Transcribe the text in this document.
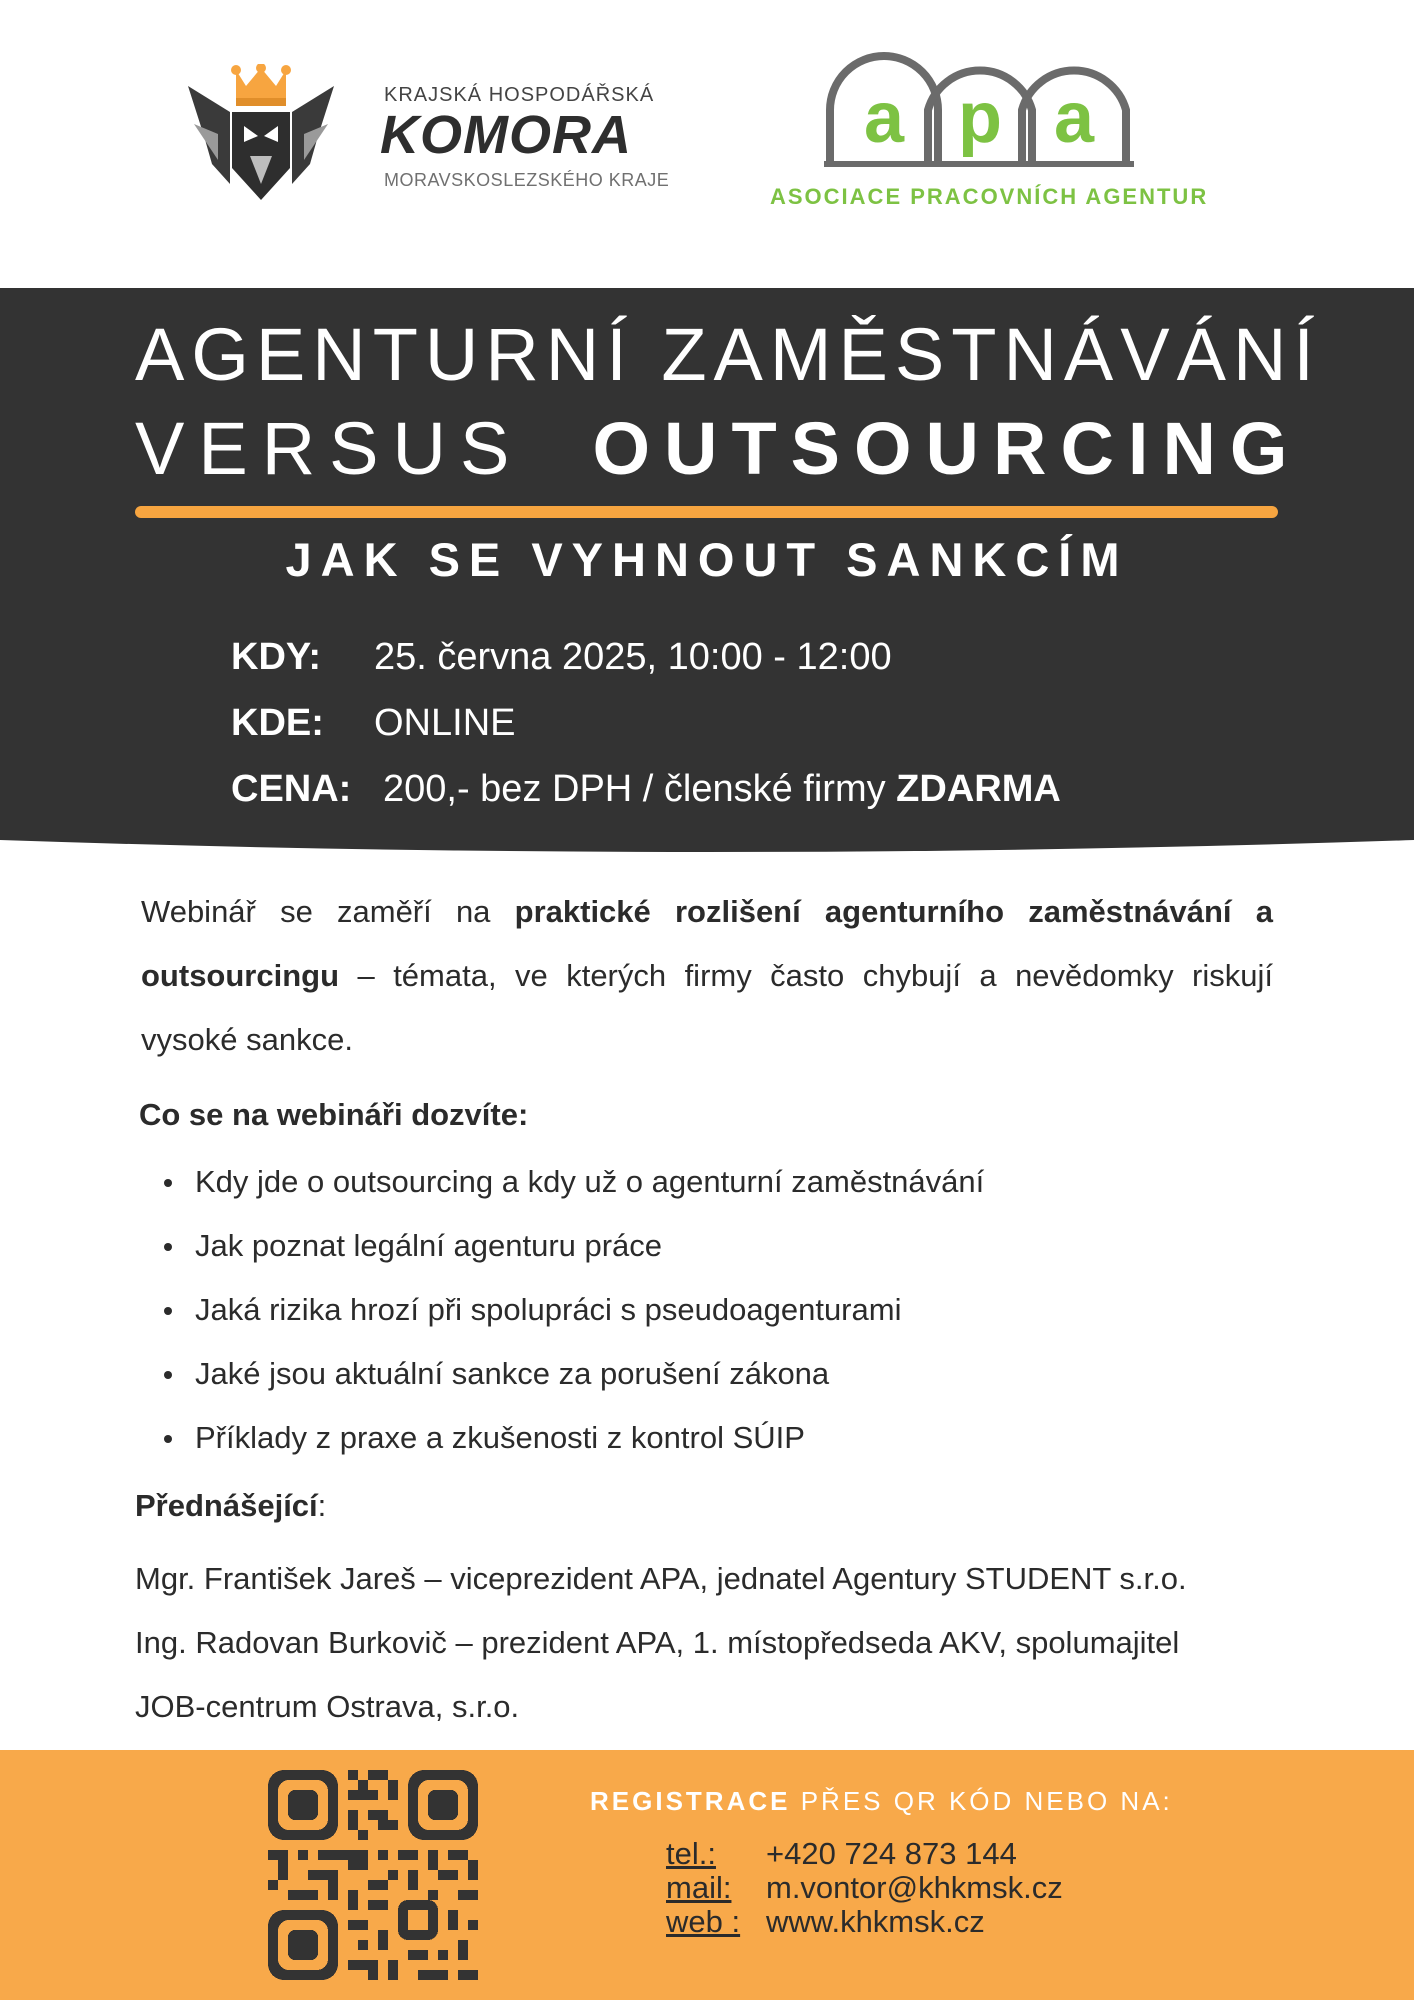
KRAJSKÁ HOSPODÁŘSKÁ
KOMORA
MORAVSKOSLEZSKÉHO KRAJE
a p a
ASOCIACE PRACOVNÍCH AGENTUR
AGENTURNÍ ZAMĚSTNÁVÁNÍ
VERSUS OUTSOURCING
JAK SE VYHNOUT SANKCÍM
KDY: 25. června 2025, 10:00 - 12:00
KDE: ONLINE
CENA: 200,- bez DPH / členské firmy ZDARMA

Webinář se zaměří na praktické rozlišení agenturního zaměstnávání a outsourcingu – témata, ve kterých firmy často chybují a nevědomky riskují vysoké sankce.

Co se na webináři dozvíte:
Kdy jde o outsourcing a kdy už o agenturní zaměstnávání
Jak poznat legální agenturu práce
Jaká rizika hrozí při spolupráci s pseudoagenturami
Jaké jsou aktuální sankce za porušení zákona
Příklady z praxe a zkušenosti z kontrol SÚIP
Přednášející:
Mgr. František Jareš – viceprezident APA, jednatel Agentury STUDENT s.r.o.
Ing. Radovan Burkovič – prezident APA, 1. místopředseda AKV, spolumajitel
JOB-centrum Ostrava, s.r.o.
REGISTRACE PŘES QR KÓD NEBO NA:
tel.: +420 724 873 144
mail: m.vontor@khkmsk.cz
web : www.khkmsk.cz
